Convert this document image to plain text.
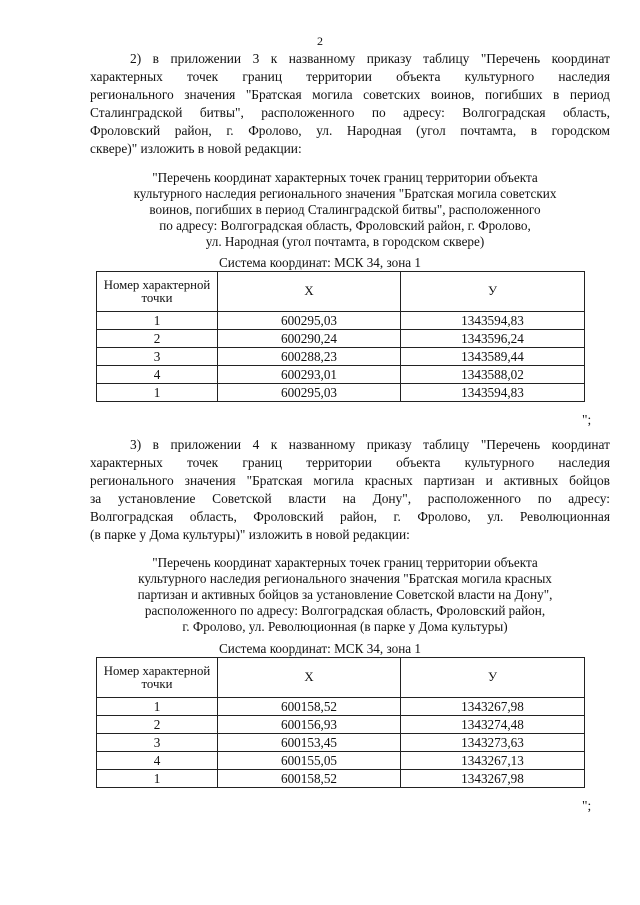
2
2) в приложении 3 к названному приказу таблицу "Перечень координат
характерных точек границ территории объекта культурного наследия
регионального значения "Братская могила советских воинов, погибших в период
Сталинградской битвы", расположенного по адресу: Волгоградская область,
Фроловский район, г. Фролово, ул. Народная (угол почтамта, в городском
сквере)" изложить в новой редакции:
"Перечень координат характерных точек границ территории объекта
культурного наследия регионального значения "Братская могила советских
воинов, погибших в период Сталинградской битвы", расположенного
по адресу: Волгоградская область, Фроловский район, г. Фролово,
ул. Народная (угол почтамта, в городском сквере)
Система координат: МСК 34, зона 1
Номер характерной точки	X	У
1	600295,03	1343594,83
2	600290,24	1343596,24
3	600288,23	1343589,44
4	600293,01	1343588,02
1	600295,03	1343594,83
";
3) в приложении 4 к названному приказу таблицу "Перечень координат
характерных точек границ территории объекта культурного наследия
регионального значения "Братская могила красных партизан и активных бойцов
за установление Советской власти на Дону", расположенного по адресу:
Волгоградская область, Фроловский район, г. Фролово, ул. Революционная
(в парке у Дома культуры)" изложить в новой редакции:
"Перечень координат характерных точек границ территории объекта
культурного наследия регионального значения "Братская могила красных
партизан и активных бойцов за установление Советской власти на Дону",
расположенного по адресу: Волгоградская область, Фроловский район,
г. Фролово, ул. Революционная (в парке у Дома культуры)
Система координат: МСК 34, зона 1
Номер характерной точки	X	У
1	600158,52	1343267,98
2	600156,93	1343274,48
3	600153,45	1343273,63
4	600155,05	1343267,13
1	600158,52	1343267,98
";
